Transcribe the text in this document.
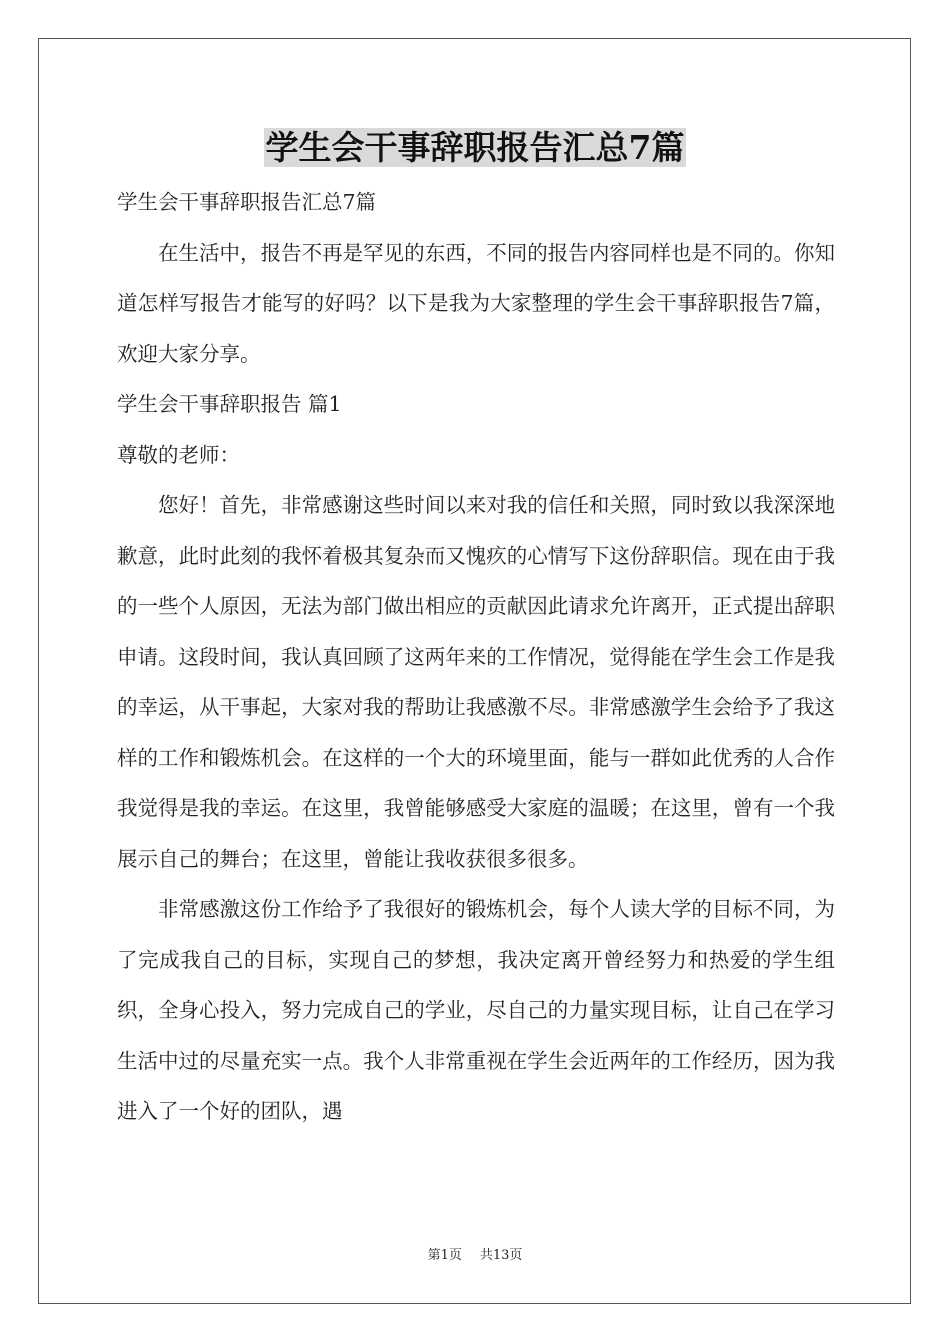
学生会干事辞职报告汇总7篇

学生会干事辞职报告汇总7篇

在生活中，报告不再是罕见的东西，不同的报告内容同样也是不同的。你知道怎样写报告才能写的好吗？以下是我为大家整理的学生会干事辞职报告7篇，欢迎大家分享。

学生会干事辞职报告 篇1

尊敬的老师：

您好！首先，非常感谢这些时间以来对我的信任和关照，同时致以我深深地歉意，此时此刻的我怀着极其复杂而又愧疚的心情写下这份辞职信。现在由于我的一些个人原因，无法为部门做出相应的贡献因此请求允许离开，正式提出辞职申请。这段时间，我认真回顾了这两年来的工作情况，觉得能在学生会工作是我的幸运，从干事起，大家对我的帮助让我感激不尽。非常感激学生会给予了我这样的工作和锻炼机会。在这样的一个大的环境里面，能与一群如此优秀的人合作我觉得是我的幸运。在这里，我曾能够感受大家庭的温暖；在这里，曾有一个我展示自己的舞台；在这里，曾能让我收获很多很多。

非常感激这份工作给予了我很好的锻炼机会，每个人读大学的目标不同，为了完成我自己的目标，实现自己的梦想，我决定离开曾经努力和热爱的学生组织，全身心投入，努力完成自己的学业，尽自己的力量实现目标，让自己在学习生活中过的尽量充实一点。我个人非常重视在学生会近两年的工作经历，因为我进入了一个好的团队，遇

第1页 共13页
